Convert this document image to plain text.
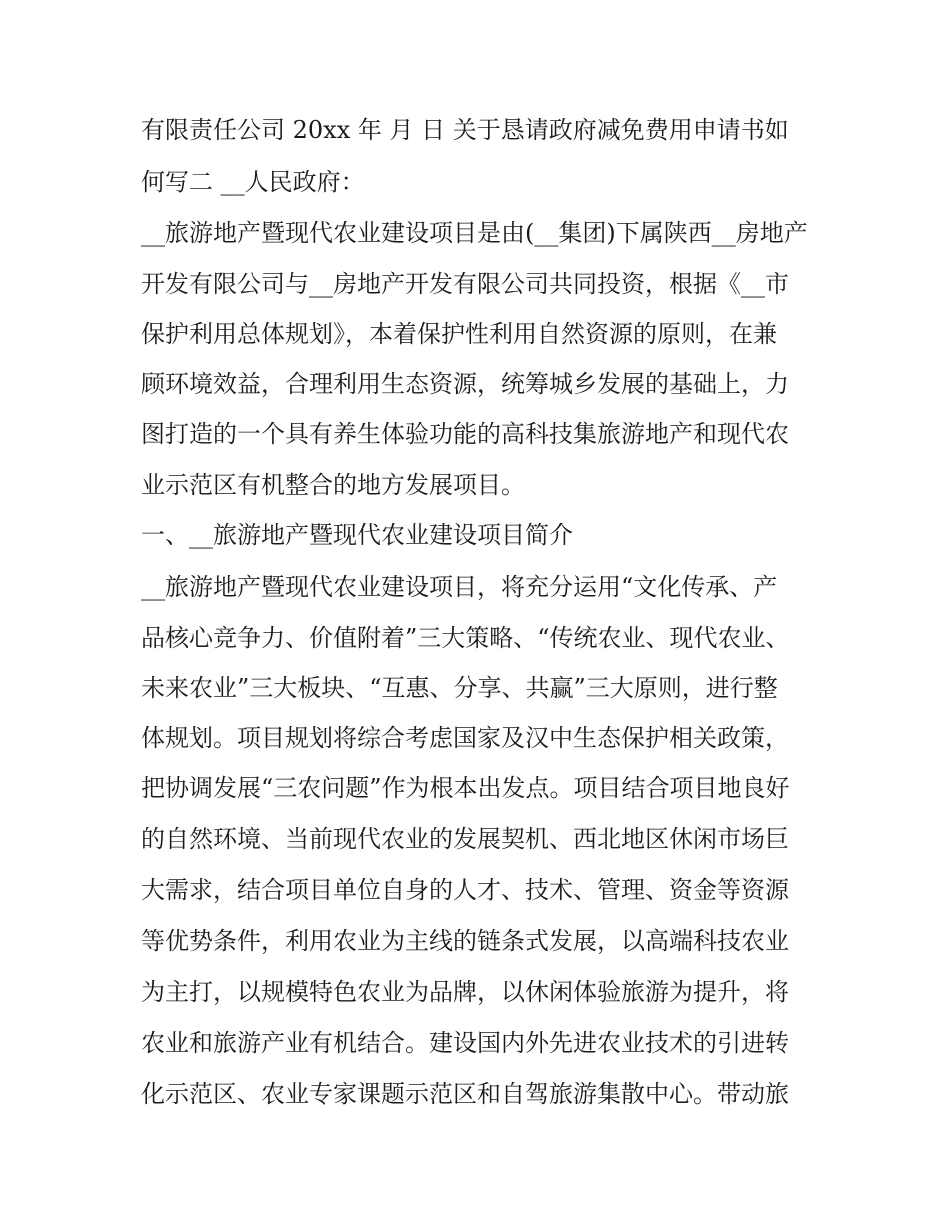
有限责任公司 20xx 年 月 日 关于恳请政府减免费用申请书如
何写二 __人民政府：
__旅游地产暨现代农业建设项目是由(__集团)下属陕西__房地产
开发有限公司与__房地产开发有限公司共同投资，根据《__市
保护利用总体规划》，本着保护性利用自然资源的原则，在兼
顾环境效益，合理利用生态资源，统筹城乡发展的基础上，力
图打造的一个具有养生体验功能的高科技集旅游地产和现代农
业示范区有机整合的地方发展项目。
一、__旅游地产暨现代农业建设项目简介
__旅游地产暨现代农业建设项目，将充分运用“文化传承、产
品核心竞争力、价值附着”三大策略、“传统农业、现代农业、
未来农业”三大板块、“互惠、分享、共赢”三大原则，进行整
体规划。项目规划将综合考虑国家及汉中生态保护相关政策，
把协调发展“三农问题”作为根本出发点。项目结合项目地良好
的自然环境、当前现代农业的发展契机、西北地区休闲市场巨
大需求，结合项目单位自身的人才、技术、管理、资金等资源
等优势条件，利用农业为主线的链条式发展，以高端科技农业
为主打，以规模特色农业为品牌，以休闲体验旅游为提升，将
农业和旅游产业有机结合。建设国内外先进农业技术的引进转
化示范区、农业专家课题示范区和自驾旅游集散中心。带动旅
